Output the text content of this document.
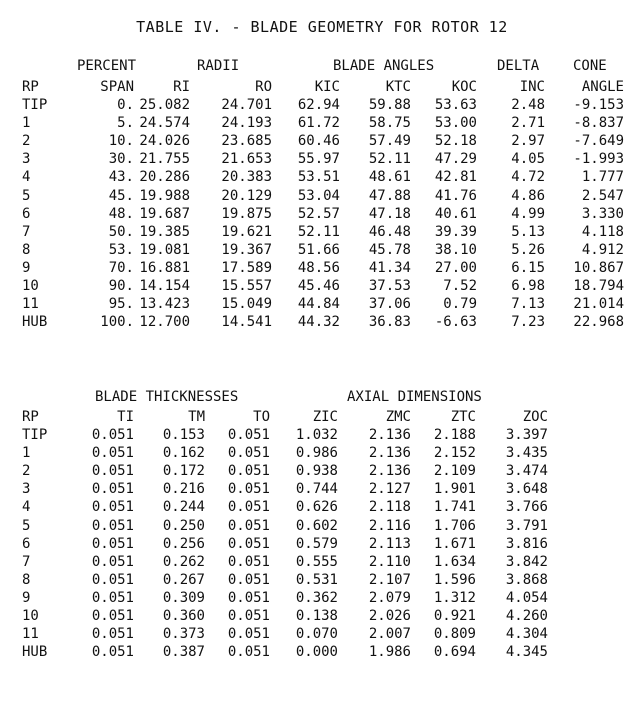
TABLE IV. - BLADE GEOMETRY FOR ROTOR 12
PERCENT	RADII	BLADE ANGLES	DELTA CONE
RP	SPAN	RI	RO	KIC	KTC	KOC	INC	ANGLE
TIP	0. 25.082 24.701 62.94 59.88 53.63 2.48 -9.153
1	5. 24.574 24.193 61.72 58.75 53.00 2.71 -8.837
2	10. 24.026 23.685 60.46 57.49 52.18 2.97 -7.649
3	30. 21.755 21.653 55.97 52.11 47.29 4.05 -1.993
4	43. 20.286 20.383 53.51 48.61 42.81 4.72	1.777
5	45. 19.988 20.129 53.04 47.88 41.76 4.86	2.547
6	48. 19.687 19.875 52.57 47.18 40.61 4.99	3.330
7	50. 19.385 19.621 52.11 46.48 39.39 5.13	4.118
8	53. 19.081 19.367 51.66 45.78 38.10 5.26	4.912
9	70. 16.881 17.589 48.56 41.34 27.00 6.15 10.867
10	90. 14.154 15.557 45.46 37.53 7.52 6.98 18.794
11	95. 13.423 15.049 44.84 37.06 0.79 7.13 21.014
HUB	100. 12.700 14.541 44.32 36.83 -6.63 7.23 22.968
BLADE THICKNESSES	AXIAL DIMENSIONS
RP	TI	TM	TO	ZIC	ZMC	ZTC	ZOC
TIP	0.051 0.153 0.051 1.032 2.136 2.188 3.397
1	0.051 0.162 0.051 0.986 2.136 2.152 3.435
2	0.051 0.172 0.051 0.938 2.136 2.109 3.474
3	0.051 0.216 0.051 0.744 2.127 1.901 3.648
4	0.051 0.244 0.051 0.626 2.118 1.741 3.766
5	0.051 0.250 0.051 0.602 2.116 1.706 3.791
6	0.051 0.256 0.051 0.579 2.113 1.671 3.816
7	0.051 0.262 0.051 0.555 2.110 1.634 3.842
8	0.051 0.267 0.051 0.531 2.107 1.596 3.868
9	0.051 0.309 0.051 0.362 2.079 1.312 4.054
10	0.051 0.360 0.051 0.138 2.026 0.921 4.260
11	0.051 0.373 0.051 0.070 2.007 0.809 4.304
HUB	0.051 0.387 0.051 0.000 1.986 0.694 4.345
